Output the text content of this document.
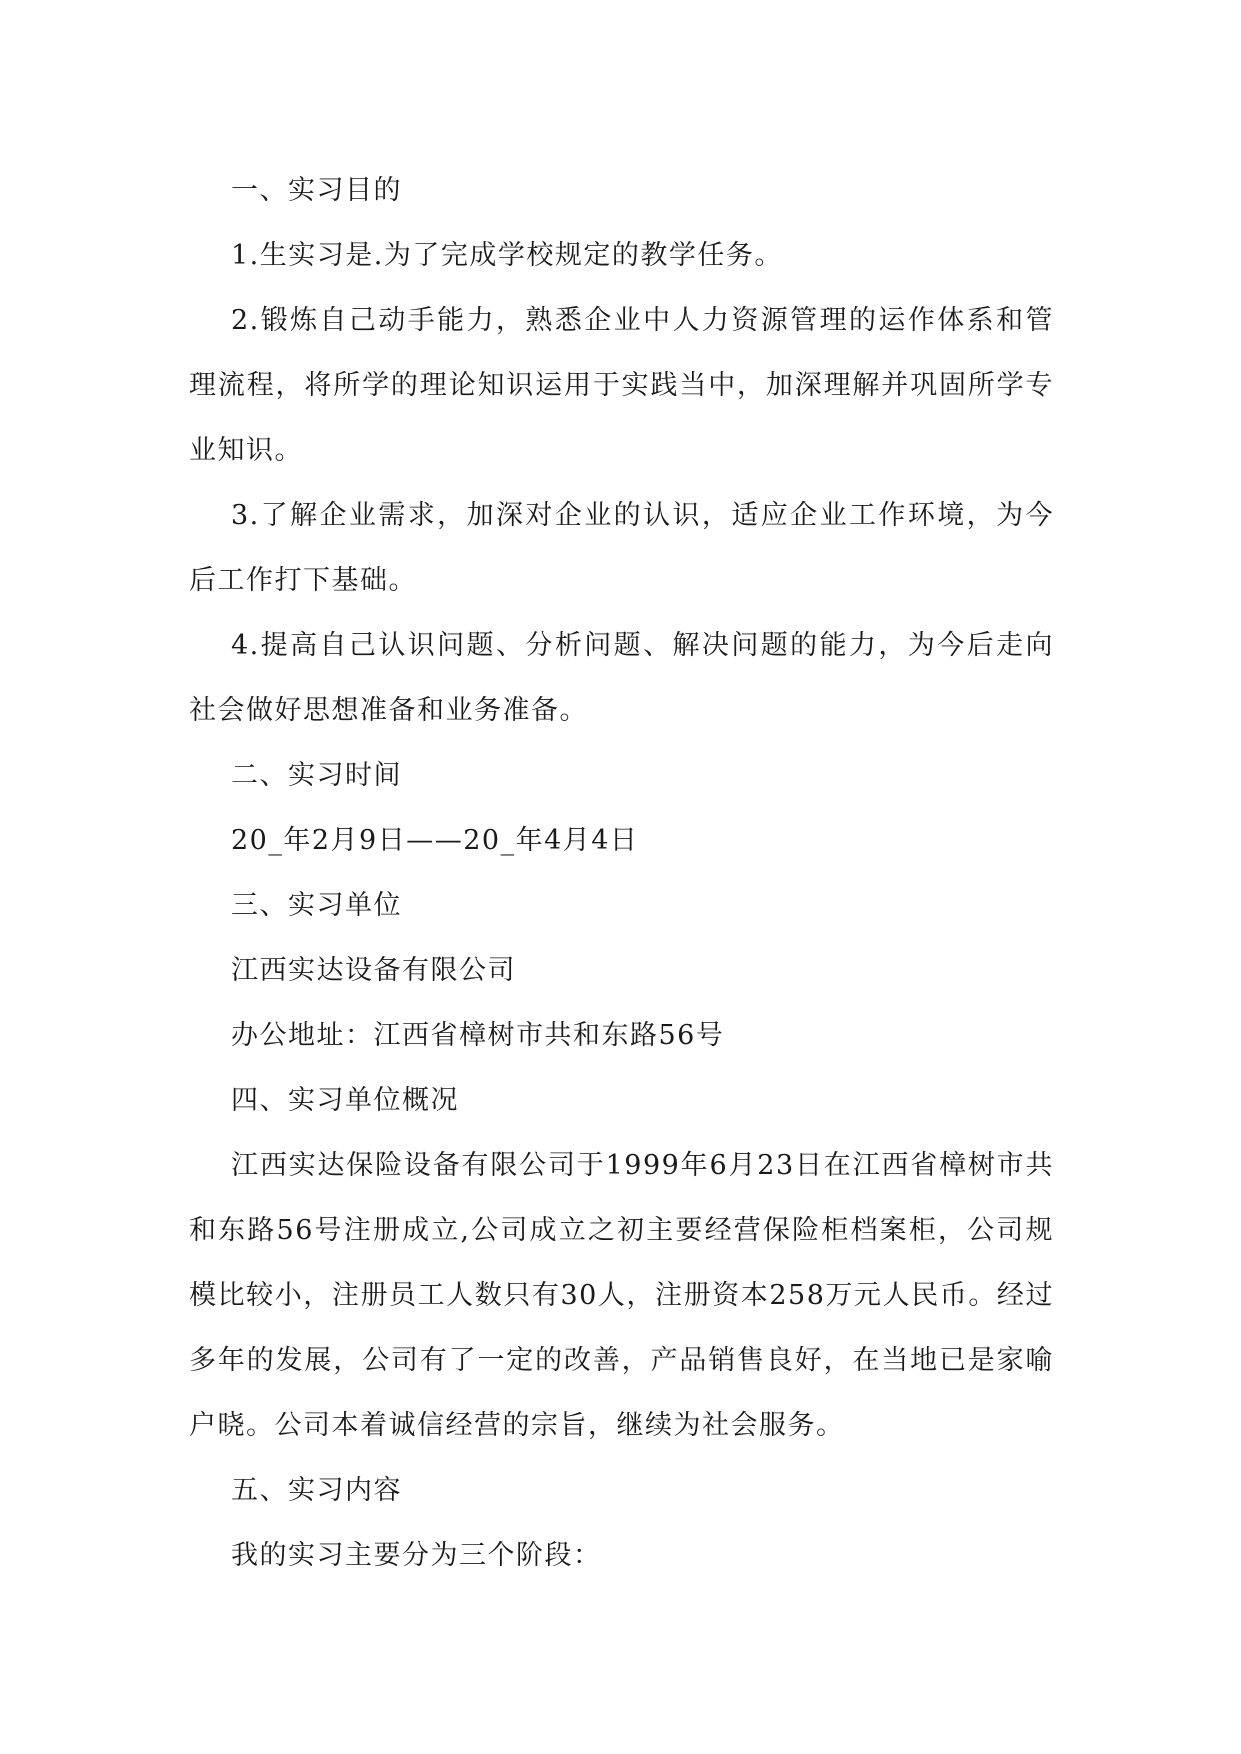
一、实习目的

1.生实习是.为了完成学校规定的教学任务。

2.锻炼自己动手能力，熟悉企业中人力资源管理的运作体系和管理流程，将所学的理论知识运用于实践当中，加深理解并巩固所学专业知识。

3.了解企业需求，加深对企业的认识，适应企业工作环境，为今后工作打下基础。

4.提高自己认识问题、分析问题、解决问题的能力，为今后走向社会做好思想准备和业务准备。

二、实习时间

20_年2月9日——20_年4月4日

三、实习单位

江西实达设备有限公司

办公地址：江西省樟树市共和东路56号

四、实习单位概况

江西实达保险设备有限公司于1999年6月23日在江西省樟树市共和东路56号注册成立,公司成立之初主要经营保险柜档案柜，公司规模比较小，注册员工人数只有30人，注册资本258万元人民币。经过多年的发展，公司有了一定的改善，产品销售良好，在当地已是家喻户晓。公司本着诚信经营的宗旨，继续为社会服务。

五、实习内容

我的实习主要分为三个阶段：
